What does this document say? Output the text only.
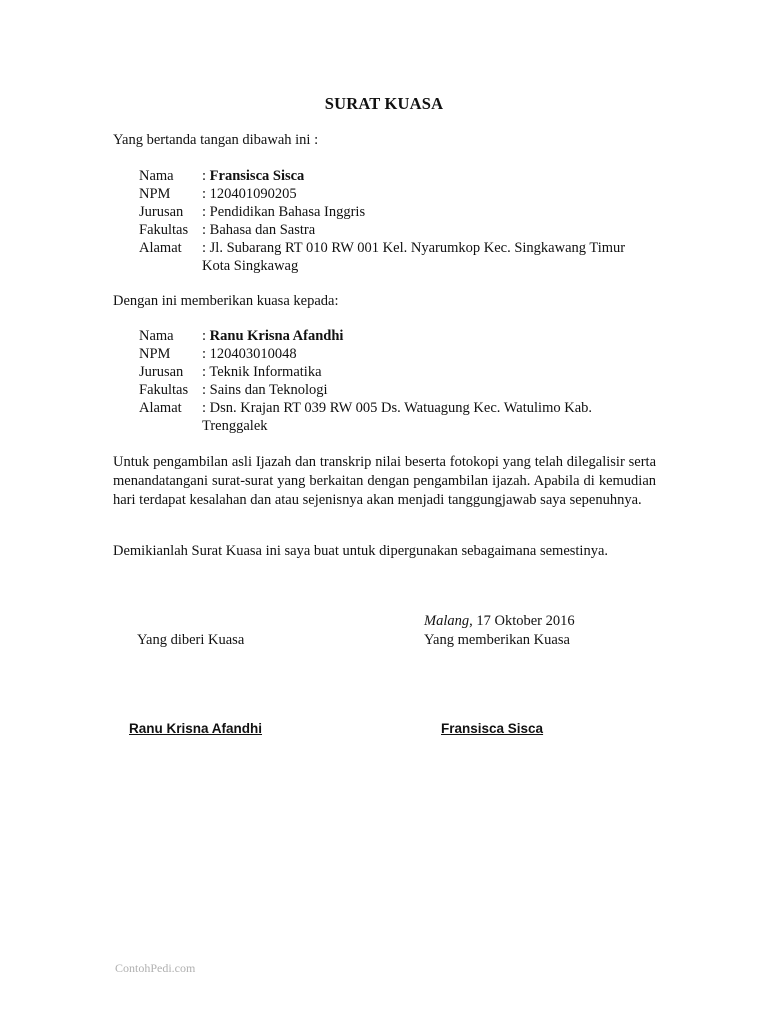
SURAT KUASA
Yang bertanda tangan dibawah ini :
Nama	: Fransisca Sisca
NPM	: 120401090205
Jurusan	: Pendidikan Bahasa Inggris
Fakultas : Bahasa dan Sastra
Alamat	: Jl. Subarang RT 010 RW 001 Kel. Nyarumkop Kec. Singkawang Timur
Kota Singkawag
Dengan ini memberikan kuasa kepada:
Nama	: Ranu Krisna Afandhi
NPM	: 120403010048
Jurusan	: Teknik Informatika
Fakultas : Sains dan Teknologi
Alamat	: Dsn. Krajan RT 039 RW 005 Ds. Watuagung Kec. Watulimo Kab.
Trenggalek
Untuk pengambilan asli Ijazah dan transkrip nilai beserta fotokopi yang telah dilegalisir serta menandatangani surat-surat yang berkaitan dengan pengambilan ijazah. Apabila di kemudian hari terdapat kesalahan dan atau sejenisnya akan menjadi tanggungjawab saya sepenuhnya.
Demikianlah Surat Kuasa ini saya buat untuk dipergunakan sebagaimana semestinya.
Malang, 17 Oktober 2016
Yang diberi Kuasa	Yang memberikan Kuasa
Ranu Krisna Afandhi	Fransisca Sisca
ContohPedi.com
